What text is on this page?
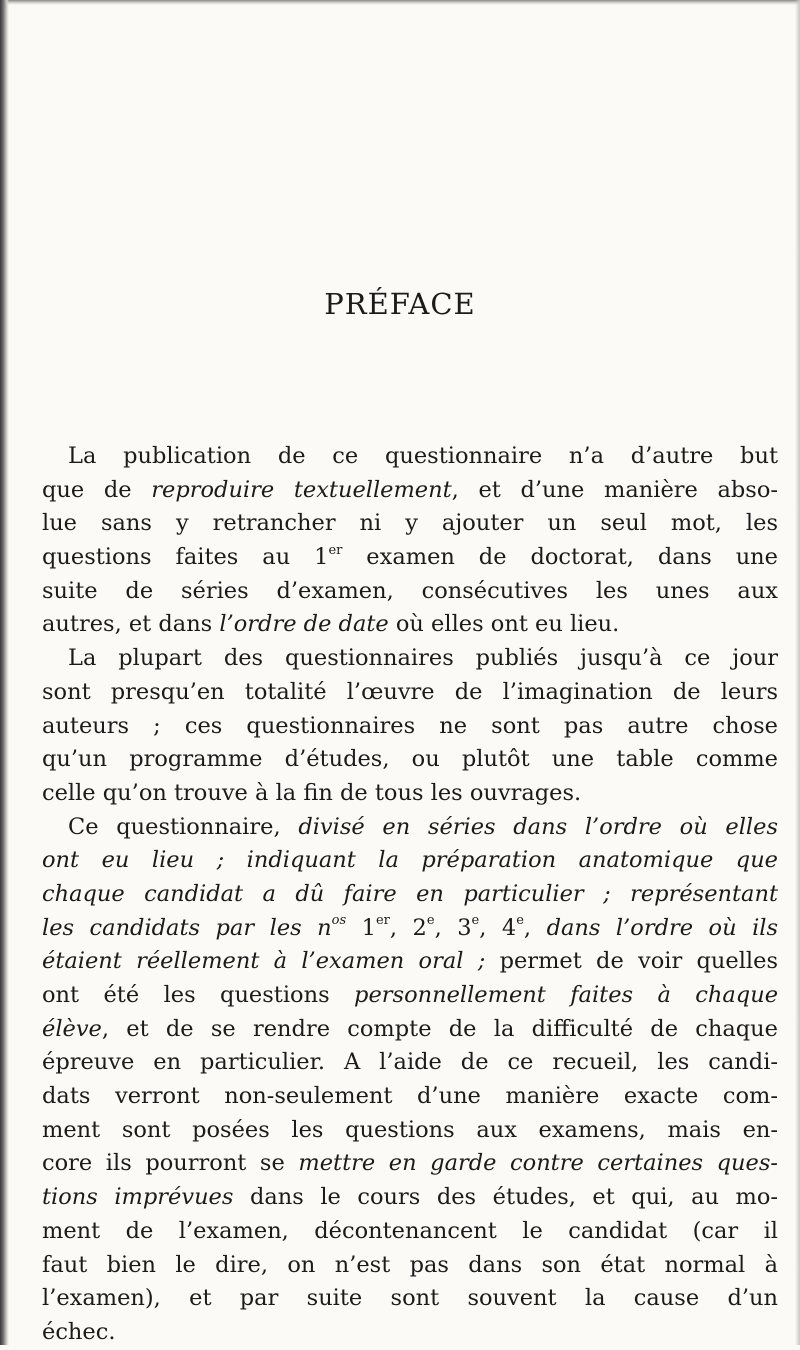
PRÉFACE
La publication de ce questionnaire n’a d’autre but
que de reproduire textuellement, et d’une manière abso-
lue sans y retrancher ni y ajouter un seul mot, les
questions faites au 1er examen de doctorat, dans une
suite de séries d’examen, consécutives les unes aux
autres, et dans l’ordre de date où elles ont eu lieu.
La plupart des questionnaires publiés jusqu’à ce jour
sont presqu’en totalité l’œuvre de l’imagination de leurs
auteurs ; ces questionnaires ne sont pas autre chose
qu’un programme d’études, ou plutôt une table comme
celle qu’on trouve à la fin de tous les ouvrages.
Ce questionnaire, divisé en séries dans l’ordre où elles
ont eu lieu ; indiquant la préparation anatomique que
chaque candidat a dû faire en particulier ; représentant
les candidats par les $n^{os}$ 1er, 2e, 3e, 4e, dans l’ordre où ils
étaient réellement à l’examen oral ; permet de voir quelles
ont été les questions personnellement faites à chaque
élève, et de se rendre compte de la difficulté de chaque
épreuve en particulier. A l’aide de ce recueil, les candi-
dats verront non-seulement d’une manière exacte com-
ment sont posées les questions aux examens, mais en-
core ils pourront se mettre en garde contre certaines ques-
tions imprévues dans le cours des études, et qui, au mo-
ment de l’examen, décontenancent le candidat (car il
faut bien le dire, on n’est pas dans son état normal à
l’examen), et par suite sont souvent la cause d’un
échec.
